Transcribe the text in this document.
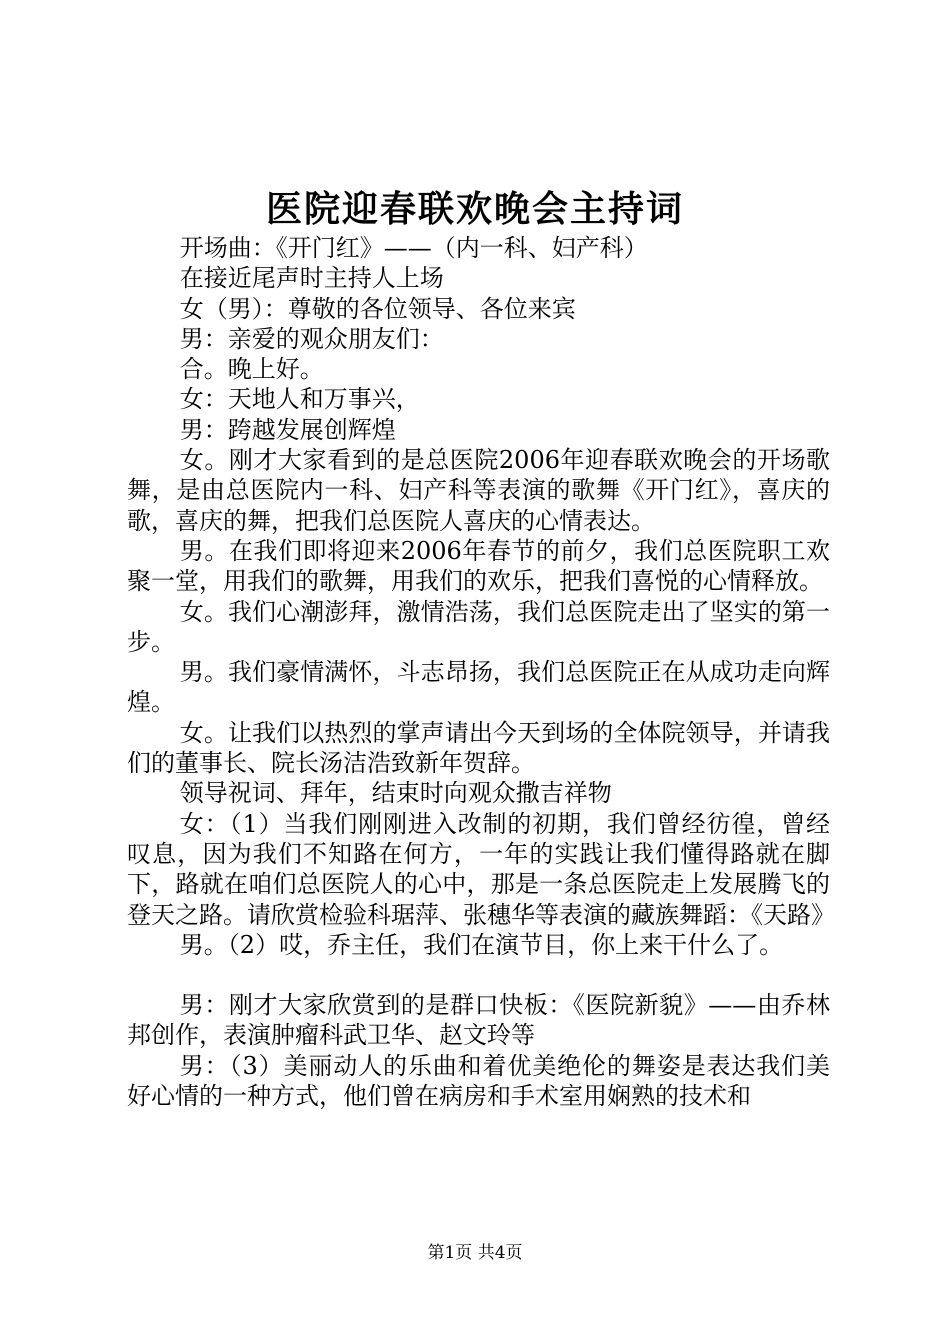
医院迎春联欢晚会主持词

开场曲：《开门红》——（内一科、妇产科）

在接近尾声时主持人上场

女（男）：尊敬的各位领导、各位来宾

男：亲爱的观众朋友们：

合。晚上好。

女：天地人和万事兴，

男：跨越发展创辉煌

女。刚才大家看到的是总医院2006年迎春联欢晚会的开场歌舞，是由总医院内一科、妇产科等表演的歌舞《开门红》，喜庆的歌，喜庆的舞，把我们总医院人喜庆的心情表达。

男。在我们即将迎来2006年春节的前夕，我们总医院职工欢聚一堂，用我们的歌舞，用我们的欢乐，把我们喜悦的心情释放。

女。我们心潮澎拜，激情浩荡，我们总医院走出了坚实的第一步。

男。我们豪情满怀，斗志昂扬，我们总医院正在从成功走向辉煌。

女。让我们以热烈的掌声请出今天到场的全体院领导，并请我们的董事长、院长汤洁浩致新年贺辞。

领导祝词、拜年，结束时向观众撒吉祥物

女：（1）当我们刚刚进入改制的初期，我们曾经彷徨，曾经叹息，因为我们不知路在何方，一年的实践让我们懂得路就在脚下，路就在咱们总医院人的心中，那是一条总医院走上发展腾飞的登天之路。请欣赏检验科琚萍、张穗华等表演的藏族舞蹈：《天路》

男。（2）哎，乔主任，我们在演节目，你上来干什么了。

男：刚才大家欣赏到的是群口快板：《医院新貌》——由乔林邦创作，表演肿瘤科武卫华、赵文玲等

男：（3）美丽动人的乐曲和着优美绝伦的舞姿是表达我们美好心情的一种方式，他们曾在病房和手术室用娴熟的技术和

第1页 共4页
